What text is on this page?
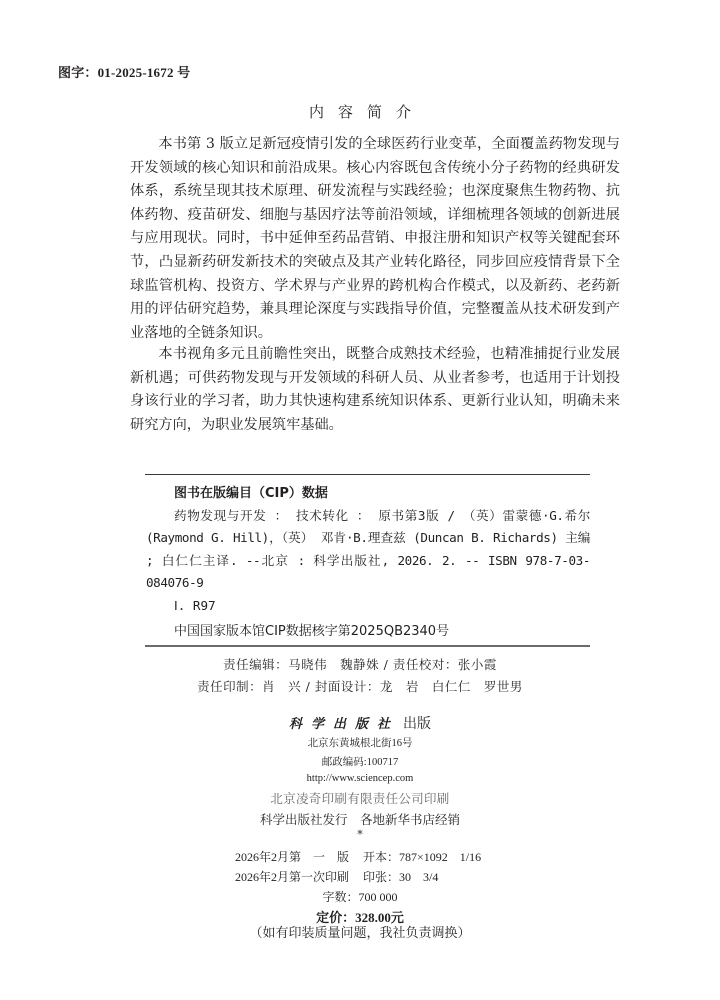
图字：01-2025-1672 号
内容简介

本书第 3 版立足新冠疫情引发的全球医药行业变革，全面覆盖药物发现与开发领域的核心知识和前沿成果。核心内容既包含传统小分子药物的经典研发体系，系统呈现其技术原理、研发流程与实践经验；也深度聚焦生物药物、抗体药物、疫苗研发、细胞与基因疗法等前沿领域，详细梳理各领域的创新进展与应用现状。同时，书中延伸至药品营销、申报注册和知识产权等关键配套环节，凸显新药研发新技术的突破点及其产业转化路径，同步回应疫情背景下全球监管机构、投资方、学术界与产业界的跨机构合作模式，以及新药、老药新用的评估研究趋势，兼具理论深度与实践指导价值，完整覆盖从技术研发到产业落地的全链条知识。

本书视角多元且前瞻性突出，既整合成熟技术经验，也精准捕捉行业发展新机遇；可供药物发现与开发领域的科研人员、从业者参考，也适用于计划投身该行业的学习者，助力其快速构建系统知识体系、更新行业认知，明确未来研究方向，为职业发展筑牢基础。

图书在版编目（CIP）数据

药物发现与开发 ： 技术转化 ： 原书第3版 / （英）雷蒙德·G.希尔 (Raymond G. Hill)，（英） 邓肯·B.理查兹 (Duncan B. Richards) 主编 ; 白仁仁主译. --北京 : 科学出版社, 2026. 2. -- ISBN 978-7-03-084076-9

Ⅰ. R97
中国国家版本馆CIP数据核字第2025QB2340号
责任编辑：马晓伟　魏静姝 / 责任校对：张小霞
责任印制：肖　兴 / 封面设计：龙　岩　白仁仁　罗世男
科学出版社 出版
北京东黄城根北街16号
邮政编码:100717
http://www.sciencep.com
北京凌奇印刷有限责任公司印刷
科学出版社发行　各地新华书店经销
*
2026年2月第　一　版 开本：787×1092　1/16
2026年2月第一次印刷 印张：30　3/4
字数：700 000
定价：328.00元
（如有印装质量问题，我社负责调换）
